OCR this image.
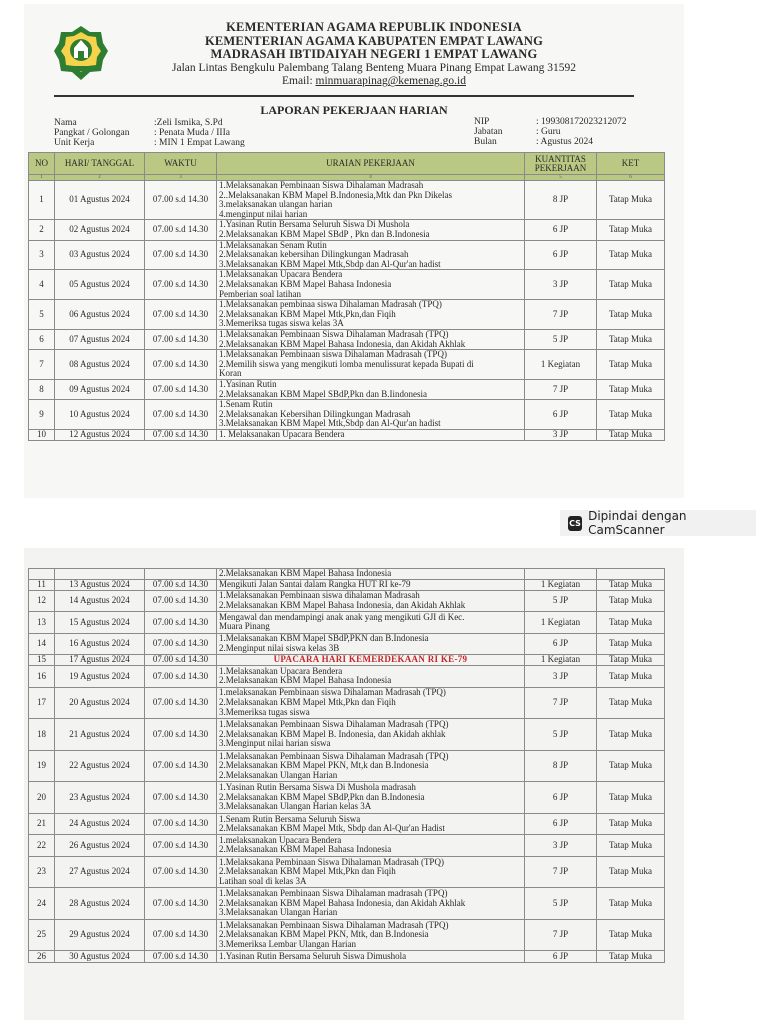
KEMENTERIAN AGAMA REPUBLIK INDONESIA
KEMENTERIAN AGAMA KABUPATEN EMPAT LAWANG
MADRASAH IBTIDAIYAH NEGERI 1 EMPAT LAWANG
Jalan Lintas Bengkulu Palembang Talang Benteng Muara Pinang Empat Lawang 31592
Email: minmuarapinag@kemenag.go.id
LAPORAN PEKERJAAN HARIAN
Nama	:Zeli Ismika, S.Pd
Pangkat / Golongan	: Penata Muda / IIIa
Unit Kerja	: MIN 1 Empat Lawang
NIP	: 199308172023212072
Jabatan	: Guru
Bulan	: Agustus 2024
NO	HARI/ TANGGAL	WAKTU	URAIAN PEKERJAAN	KUANTITAS PEKERJAAN	KET
1	2	3	4	5	6
1	01 Agustus 2024	07.00 s.d 14.30	1.Melaksanakan Pembinaan Siswa Dihalaman Madrasah
2..Melaksanakan KBM Mapel B.Indonesia,Mtk dan Pkn Dikelas
3.melaksanakan ulangan harian
4.menginput nilai harian	8 JP	Tatap Muka
2	02 Agustus 2024	07.00 s.d 14.30	1.Yasinan Rutin Bersama Seluruh Siswa Di Mushola
2.Melaksanakan KBM Mapel SBdP , Pkn dan B.Indonesia	6 JP	Tatap Muka
3	03 Agustus 2024	07.00 s.d 14.30	1.Melaksanakan Senam Rutin
2.Melaksanakan kebersihan Dilingkungan Madrasah
3.Melaksanakan KBM Mapel Mtk,Sbdp dan Al-Qur'an hadist	6 JP	Tatap Muka
4	05 Agustus 2024	07.00 s.d 14.30	1.Melaksanakan Upacara Bendera
2.Melaksanakan KBM Mapel Bahasa Indonesia
Pemberian soal latihan	3 JP	Tatap Muka
5	06 Agustus 2024	07.00 s.d 14.30	1.Melaksanakan pembinaa siswa Dihalaman Madrasah (TPQ)
2.Melaksanakan KBM Mapel Mtk,Pkn,dan Fiqih
3.Memeriksa tugas siswa kelas 3A	7 JP	Tatap Muka
6	07 Agustus 2024	07.00 s.d 14.30	1.Melaksanakan Pembinaan Siswa Dihalaman Madrasah (TPQ)
2.Melaksanakan KBM Mapel Bahasa Indonesia, dan Akidah Akhlak	5 JP	Tatap Muka
7	08 Agustus 2024	07.00 s.d 14.30	1.Melaksanakan Pembinaan siswa Dihalaman Madrasah (TPQ)
2.Memilih siswa yang mengikuti lomba menulissurat kepada Bupati di
Koran	1 Kegiatan	Tatap Muka
8	09 Agustus 2024	07.00 s.d 14.30	1.Yasinan Rutin
2.Melaksanakan KBM Mapel SBdP,Pkn dan B.Iindonesia	7 JP	Tatap Muka
9	10 Agustus 2024	07.00 s.d 14.30	1.Senam Rutin
2.Melaksanakan Kebersihan Dilingkungan Madrasah
3.Melaksanakan KBM Mapel Mtk,Sbdp dan Al-Qur'an hadist	6 JP	Tatap Muka
10	12 Agustus 2024	07.00 s.d 14.30	1. Melaksanakan Upacara Bendera	3 JP	Tatap Muka
CS Dipindai dengan CamScanner
			2.Melaksanakan KBM Mapel Bahasa Indonesia		
11	13 Agustus 2024	07.00 s.d 14.30	Mengikuti Jalan Santai dalam Rangka HUT RI ke-79	1 Kegiatan	Tatap Muka
12	14 Agustus 2024	07.00 s.d 14.30	1.Melaksanakan Pembinaan siswa dihalaman Madrasah
2.Melaksanakan KBM Mapel Bahasa Indonesia, dan Akidah Akhlak	5 JP	Tatap Muka
13	15 Agustus 2024	07.00 s.d 14.30	Mengawal dan mendampingi anak anak yang mengikuti GJI di Kec.
Muara Pinang	1 Kegiatan	Tatap Muka
14	16 Agustus 2024	07.00 s.d 14.30	1.Melaksanakan KBM Mapel SBdP,PKN dan B.Indonesia
2.Menginput nilai siswa kelas 3B	6 JP	Tatap Muka
15	17 Agustus 2024	07.00 s.d 14.30	UPACARA HARI KEMERDEKAAN RI KE-79	1 Kegiatan	Tatap Muka
16	19 Agustus 2024	07.00 s.d 14.30	1.Melaksanakan Upacara Bendera
2.Melaksanakan KBM Mapel Bahasa Indonesia	3 JP	Tatap Muka
17	20 Agustus 2024	07.00 s.d 14.30	1.melaksanakan Pembinaan siswa Dihalaman Madrasah (TPQ)
2.Melaksanakan KBM Mapel Mtk,Pkn dan Fiqih
3.Memeriksa tugas siswa	7 JP	Tatap Muka
18	21 Agustus 2024	07.00 s.d 14.30	1.Melaksanakan Pembinaan Siswa Dihalaman Madrasah (TPQ)
2.Melaksanakan KBM Mapel B. Indonesia, dan Akidah akhlak
3.Menginput nilai harian siswa	5 JP	Tatap Muka
19	22 Agustus 2024	07.00 s.d 14.30	1.Melaksanakan Pembinaan Siswa Dihalaman Madrasah (TPQ)
2.Melaksanakan KBM Mapel PKN, Mt,k dan B.Indonesia
2.Melaksanakan Ulangan Harian	8 JP	Tatap Muka
20	23 Agustus 2024	07.00 s.d 14.30	1.Yasinan Rutin Bersama Siswa Di Mushola madrasah
2.Melaksanakan KBM Mapel SBdP,Pkn dan B.Indonesia
3.Melaksanakan Ulangan Harian kelas 3A	6 JP	Tatap Muka
21	24 Agustus 2024	07.00 s.d 14.30	1.Senam Rutin Bersama Seluruh Siswa
2.Melaksanakan KBM Mapel Mtk, Sbdp dan Al-Qur'an Hadist	6 JP	Tatap Muka
22	26 Agustus 2024	07.00 s.d 14.30	1.melaksanakan Upacara Bendera
2.Melaksanakan KBM Mapel Bahasa Indonesia	3 JP	Tatap Muka
23	27 Agustus 2024	07.00 s.d 14.30	1.Melaksakana Pembinaan Siswa Dihalaman Madrasah (TPQ)
2.Melaksanakan KBM Mapel Mtk,Pkn dan Fiqih
Latihan soal di kelas 3A	7 JP	Tatap Muka
24	28 Agustus 2024	07.00 s.d 14.30	1.Melaksanakan Pembinaan Siswa Dihalaman madrasah (TPQ)
2.Melaksanakan KBM Mapel Bahasa Indonesia, dan Akidah Akhlak
3.Melaksanakan Ulangan Harian	5 JP	Tatap Muka
25	29 Agustus 2024	07.00 s.d 14.30	1.Melaksanakan Pembinaan Siswa Dihalaman Madrasah (TPQ)
2.Melaksanakan KBM Mapel PKN, Mtk, dan B.Indonesia
3.Memeriksa Lembar Ulangan Harian	7 JP	Tatap Muka
26	30 Agustus 2024	07.00 s.d 14.30	1.Yasinan Rutin Bersama Seluruh Siswa Dimushola	6 JP	Tatap Muka
